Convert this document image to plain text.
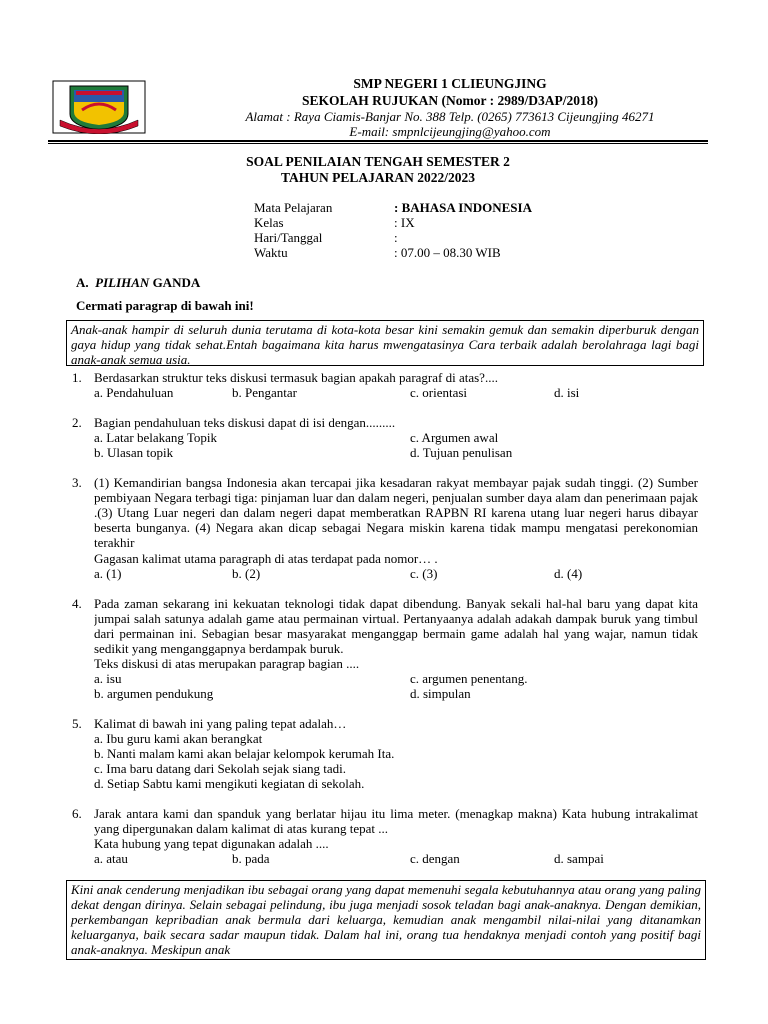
SMP NEGERI 1 CLIEUNGJING
SEKOLAH RUJUKAN (Nomor : 2989/D3AP/2018)
Alamat : Raya Ciamis-Banjar No. 388 Telp. (0265) 773613 Cijeungjing 46271
E-mail: smpnlcijeungjing@yahoo.com
SOAL PENILAIAN TENGAH SEMESTER 2
TAHUN PELAJARAN 2022/2023
Mata Pelajaran	: BAHASA INDONESIA
Kelas	: IX
Hari/Tanggal	:
Waktu	: 07.00 – 08.30 WIB
A. PILIHAN GANDA
Cermati paragrap di bawah ini!
Anak-anak hampir di seluruh dunia terutama di kota-kota besar kini semakin gemuk dan semakin diperburuk dengan gaya hidup yang tidak sehat.Entah bagaimana kita harus mwengatasinya Cara terbaik adalah berolahraga lagi bagi anak-anak semua usia.
1. Berdasarkan struktur teks diskusi termasuk bagian apakah paragraf di atas?....
a. Pendahuluan	b. Pengantar	c. orientasi	d. isi
2. Bagian pendahuluan teks diskusi dapat di isi dengan.........
a. Latar belakang Topik
b. Ulasan topik
c. Argumen awal
d. Tujuan penulisan
3. (1) Kemandirian bangsa Indonesia akan tercapai jika kesadaran rakyat membayar pajak sudah tinggi. (2) Sumber pembiyaan Negara terbagi tiga: pinjaman luar dan dalam negeri, penjualan sumber daya alam dan penerimaan pajak .(3) Utang Luar negeri dan dalam negeri dapat memberatkan RAPBN RI karena utang luar negeri harus dibayar beserta bunganya. (4) Negara akan dicap sebagai Negara miskin karena tidak mampu mengatasi perekonomian terakhir
Gagasan kalimat utama paragraph di atas terdapat pada nomor… .
a. (1)	b. (2)	c. (3)	d. (4)
4. Pada zaman sekarang ini kekuatan teknologi tidak dapat dibendung. Banyak sekali hal-hal baru yang dapat kita jumpai salah satunya adalah game atau permainan virtual. Pertanyaanya adalah adakah dampak buruk yang timbul dari permainan ini. Sebagian besar masyarakat menganggap bermain game adalah hal yang wajar, namun tidak sedikit yang menganggapnya berdampak buruk.
Teks diskusi di atas merupakan paragrap bagian ....
a. isu
b. argumen pendukung
c. argumen penentang.
d. simpulan
5. Kalimat di bawah ini yang paling tepat adalah…
a. Ibu guru kami akan berangkat
b. Nanti malam kami akan belajar kelompok kerumah Ita.
c. Ima baru datang dari Sekolah sejak siang tadi.
d. Setiap Sabtu kami mengikuti kegiatan di sekolah.
6. Jarak antara kami dan spanduk yang berlatar hijau itu lima meter. (menagkap makna) Kata hubung intrakalimat yang dipergunakan dalam kalimat di atas kurang tepat ...
Kata hubung yang tepat digunakan adalah ....
a. atau	b. pada	c. dengan	d. sampai
Kini anak cenderung menjadikan ibu sebagai orang yang dapat memenuhi segala kebutuhannya atau orang yang paling dekat dengan dirinya. Selain sebagai pelindung, ibu juga menjadi sosok teladan bagi anak-anaknya. Dengan demikian, perkembangan kepribadian anak bermula dari keluarga, kemudian anak mengambil nilai-nilai yang ditanamkan keluarganya, baik secara sadar maupun tidak. Dalam hal ini, orang tua hendaknya menjadi contoh yang positif bagi anak-anaknya. Meskipun anak
